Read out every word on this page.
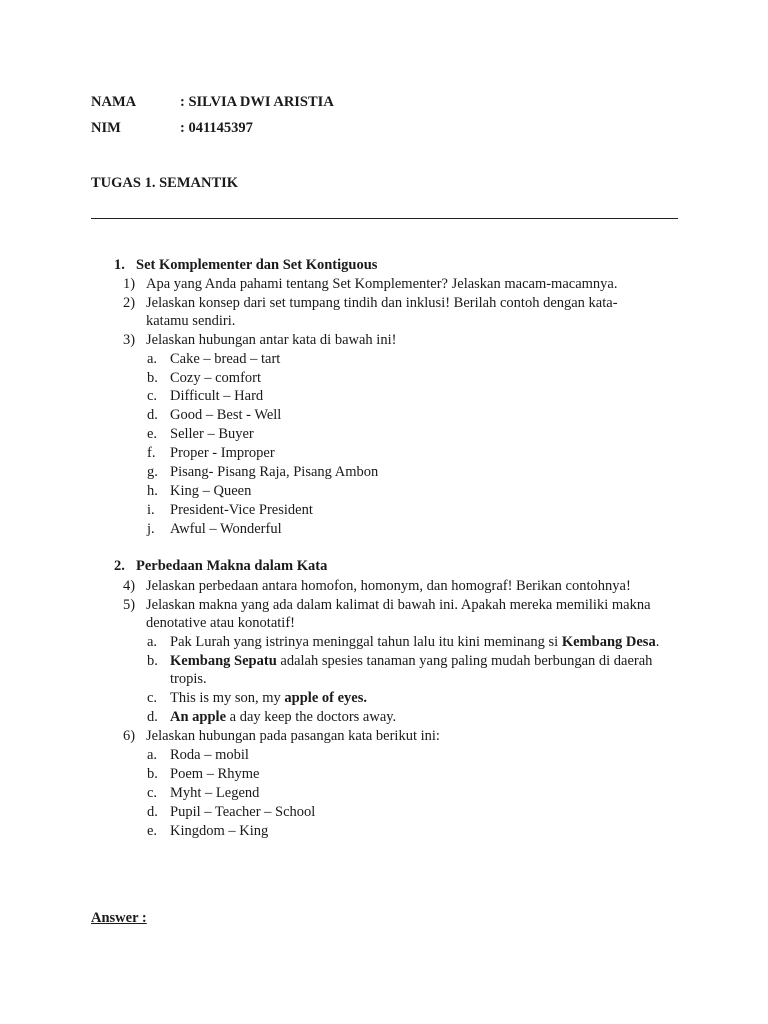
NAMA	: SILVIA DWI ARISTIA
NIM	: 041145397
TUGAS 1. SEMANTIK
1. Set Komplementer dan Set Kontiguous
1) Apa yang Anda pahami tentang Set Komplementer? Jelaskan macam-macamnya.
2) Jelaskan konsep dari set tumpang tindih dan inklusi! Berilah contoh dengan kata-
katamu sendiri.
3) Jelaskan hubungan antar kata di bawah ini!
a. Cake – bread – tart
b. Cozy – comfort
c. Difficult – Hard
d. Good – Best - Well
e. Seller – Buyer
f. Proper - Improper
g. Pisang- Pisang Raja, Pisang Ambon
h. King – Queen
i. President-Vice President
j. Awful – Wonderful
2. Perbedaan Makna dalam Kata
4) Jelaskan perbedaan antara homofon, homonym, dan homograf! Berikan contohnya!
5) Jelaskan makna yang ada dalam kalimat di bawah ini. Apakah mereka memiliki makna
denotative atau konotatif!
a. Pak Lurah yang istrinya meninggal tahun lalu itu kini meminang si Kembang Desa.
b. Kembang Sepatu adalah spesies tanaman yang paling mudah berbungan di daerah
tropis.
c. This is my son, my apple of eyes.
d. An apple a day keep the doctors away.
6) Jelaskan hubungan pada pasangan kata berikut ini:
a. Roda – mobil
b. Poem – Rhyme
c. Myht – Legend
d. Pupil – Teacher – School
e. Kingdom – King
Answer :
